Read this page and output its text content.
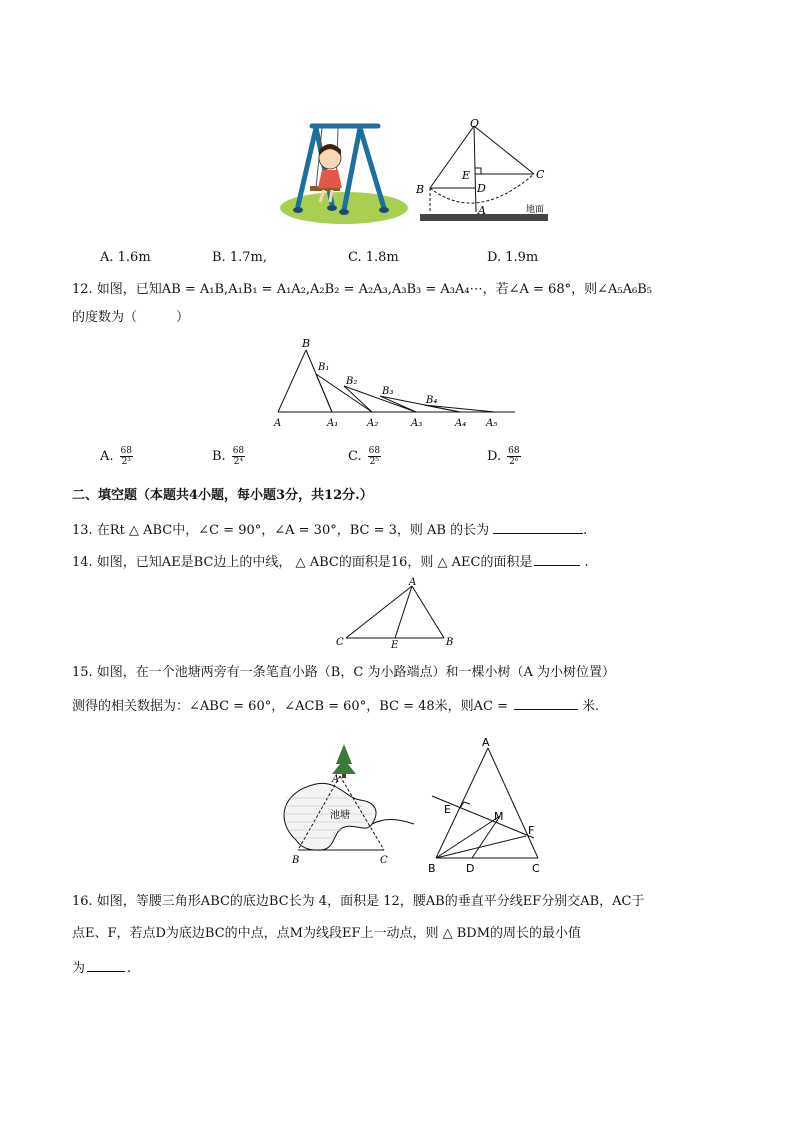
O
E
D
C
B
A	地面
A. 1.6m	B. 1.7m,	C. 1.8m	D. 1.9m
12. 如图，已知AB = A₁B,A₁B₁ = A₁A₂,A₂B₂ = A₂A₃,A₃B₃ = A₃A₄⋯，若∠A = 68°，则∠A₅A₆B₅
的度数为（　　　）
B
B₁
B₂
B₃
B₄
A	A₁	A₂	A₃	A₄ A₅
A. $\frac{68}{\text{2³}}$	B. $\frac{68}{\text{2⁴}}$	C. $\frac{68}{\text{2⁵}}$	D. $\frac{68}{\text{2⁶}}$
二、填空题（本题共4小题，每小题3分，共12分.）
13. 在Rt △ ABC中，∠C = 90°，∠A = 30°，BC = 3，则 AB 的长为	.
14. 如图，已知AE是BC边上的中线， △ ABC的面积是16，则 △ AEC的面积是	.
A
C	B
E
15. 如图，在一个池塘两旁有一条笔直小路（B，C 为小路端点）和一棵小树（A 为小树位置）
测得的相关数据为：∠ABC = 60°，∠ACB = 60°，BC = 48米，则AC =	米.
A
池塘
B	C
A
E
M
F
B	D	C
16. 如图，等腰三角形ABC的底边BC长为 4，面积是 12，腰AB的垂直平分线EF分别交AB，AC于
点E、F，若点D为底边BC的中点，点M为线段EF上一动点，则 △ BDM的周长的最小值
为	.
